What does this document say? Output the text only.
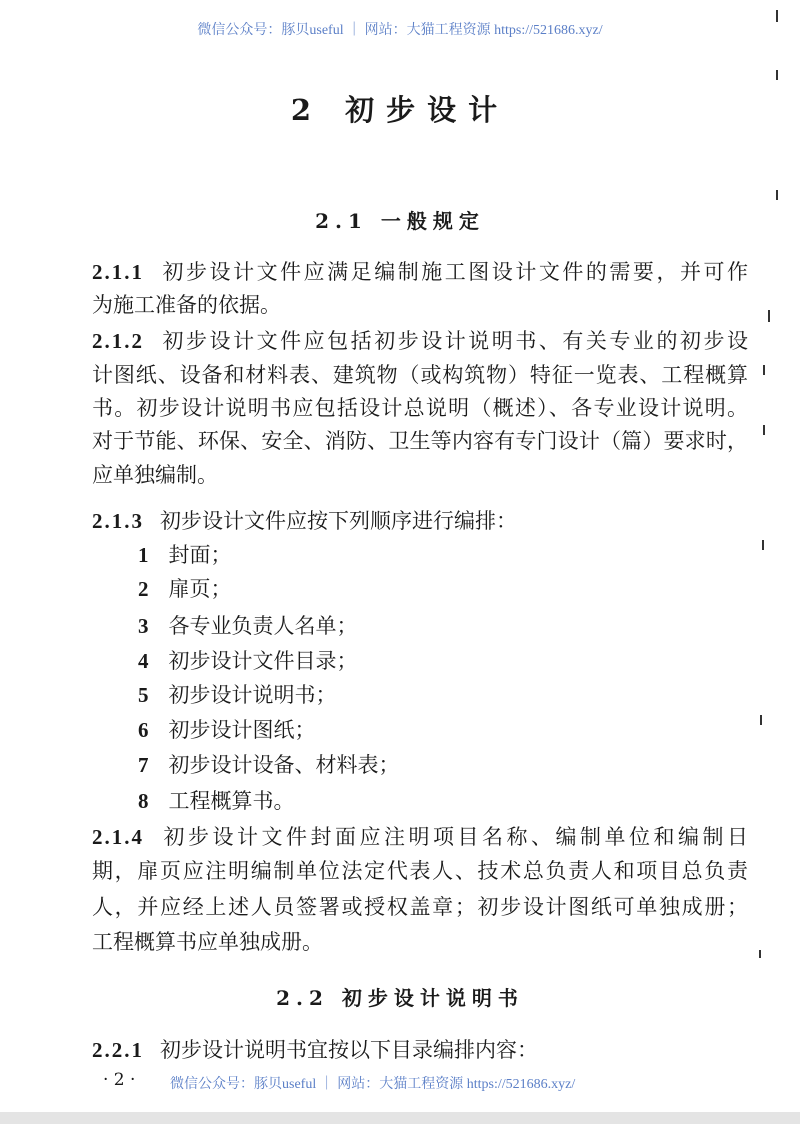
微信公众号：豚贝useful ｜ 网站：大猫工程资源 https://521686.xyz/
2 初步设计
2.1 一般规定
2.1.1 初步设计文件应满足编制施工图设计文件的需要，并可作
为施工准备的依据。
2.1.2 初步设计文件应包括初步设计说明书、有关专业的初步设
计图纸、设备和材料表、建筑物（或构筑物）特征一览表、工程概算
书。初步设计说明书应包括设计总说明（概述）、各专业设计说明。
对于节能、环保、安全、消防、卫生等内容有专门设计（篇）要求时，
应单独编制。
2.1.3 初步设计文件应按下列顺序进行编排：
1 封面；
2 扉页；
3 各专业负责人名单；
4 初步设计文件目录；
5 初步设计说明书；
6 初步设计图纸；
7 初步设计设备、材料表；
8 工程概算书。
2.1.4 初步设计文件封面应注明项目名称、编制单位和编制日
期，扉页应注明编制单位法定代表人、技术总负责人和项目总负责
人，并应经上述人员签署或授权盖章；初步设计图纸可单独成册；
工程概算书应单独成册。
2.2 初步设计说明书
2.2.1 初步设计说明书宜按以下目录编排内容：
· 2 · 微信公众号：豚贝useful ｜ 网站：大猫工程资源 https://521686.xyz/
